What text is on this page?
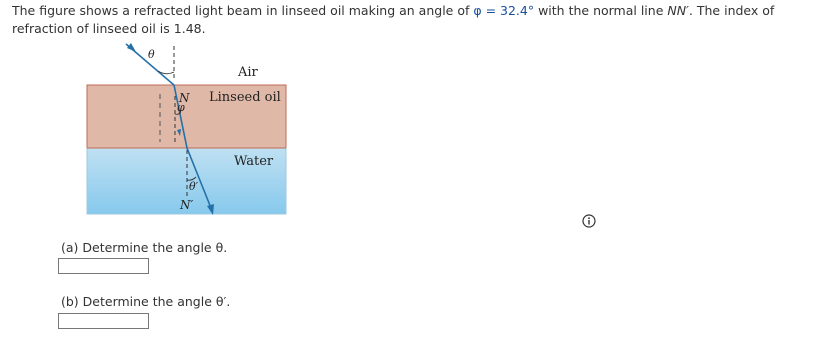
The figure shows a refracted light beam in linseed oil making an angle of φ = 32.4° with the normal line NN′. The index of refraction of linseed oil is 1.48.
θ
Air
N Linseed oil
φ
Water
θ′
N′
(a) Determine the angle θ.
(b) Determine the angle θ′.
